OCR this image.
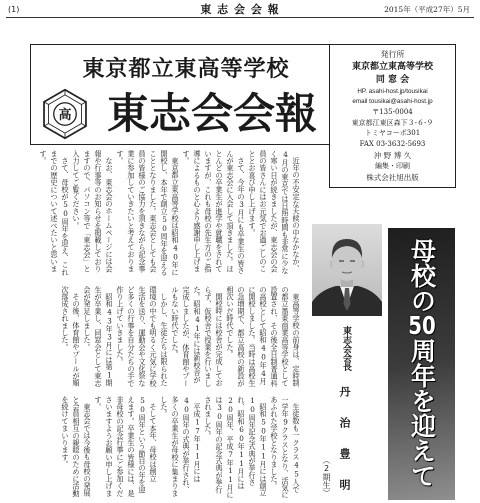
(1)	東 志 会 会 報	2015年（平成27年）5月
東京都立東高等学校
高 東志会会報
発行所
東京都立東高等学校
同 窓 会
HP. asahi-host.jp/tousikai
email tousikai@asahi-host.jp
〒135-0004
東京都江東区森下３-６-９
トミヤコーポ301
FAX 03-3632-5693
沖 野 博 久
編集・印刷
株式会社旭出版

近年の不安定な天候の中なかなか、4月の東京では日照時間も非常に少なく寒い日が続きましたが、東志会の会員の皆さんにはお元気でお過ごしのこととお喜び申し上げます。

さて、今年の3月にも卒業生の皆さんが東志会に入会して頂きました。ほとんどの卒業生が進学や就職をされていますが、これも母校の先生方のご指導によるものと心より感謝申し上げます。

東京都立東高等学校は昭和40年に開校し、本年で創立50周年を迎えることとなりました。東志会としても会員の皆様のご協力を頂きながら記念事業に参加していきたいと考えております。

なお、東志会のホームページには会報や行事等のお知らせを掲載しておりますので、パソコン等で「東志会」と入力してご覧ください。

さて、母校が50周年を迎え、これまでの歴史について述べたいと思います。

東高等学校の前身は、定時制の都立墨東商業高等学校として設置され、その後全日制普通科の高校として昭和40年4月に開校しました。当時は高校生の急増期で、都立高校の新設が相次いだ時代でした。

開校時には校舎が完成しておらず、仮校舎で授業を行いました。昭和41年には新校舎が完成しましたが、体育館やプールもない時代でした。

しかし、生徒たちは限られた環境の中でも明るく元気に学校生活を送り、運動会や文化祭など多くの行事を自分たちの手で作り上げていきました。

昭和43年3月には第1期生が卒業し、同窓会として東志会が発足しました。

その後、体育館やプールが順次落成されました。

生徒数も一クラス45人で一学年9クラスとなり、活気にあふれた学校となりました。

昭和50年11月には創立10周年記念式典が挙行され、昭和60年11月には20周年、平成7年11月には30周年の記念式典が挙行されました。

平成17年11月には40周年の式典が挙行され、多くの卒業生が母校に集まりました。

そして本年、母校は創立50周年という節目の年を迎えます。卒業生の皆様には、是非母校の記念行事にご参加くださいますようお願い申し上げます。

東志会では今後も母校の発展と会員相互の親睦のために活動を続けてまいります。

東志会会長
丹　治　豊　明
（2期生）
母校の50周年を迎えて
